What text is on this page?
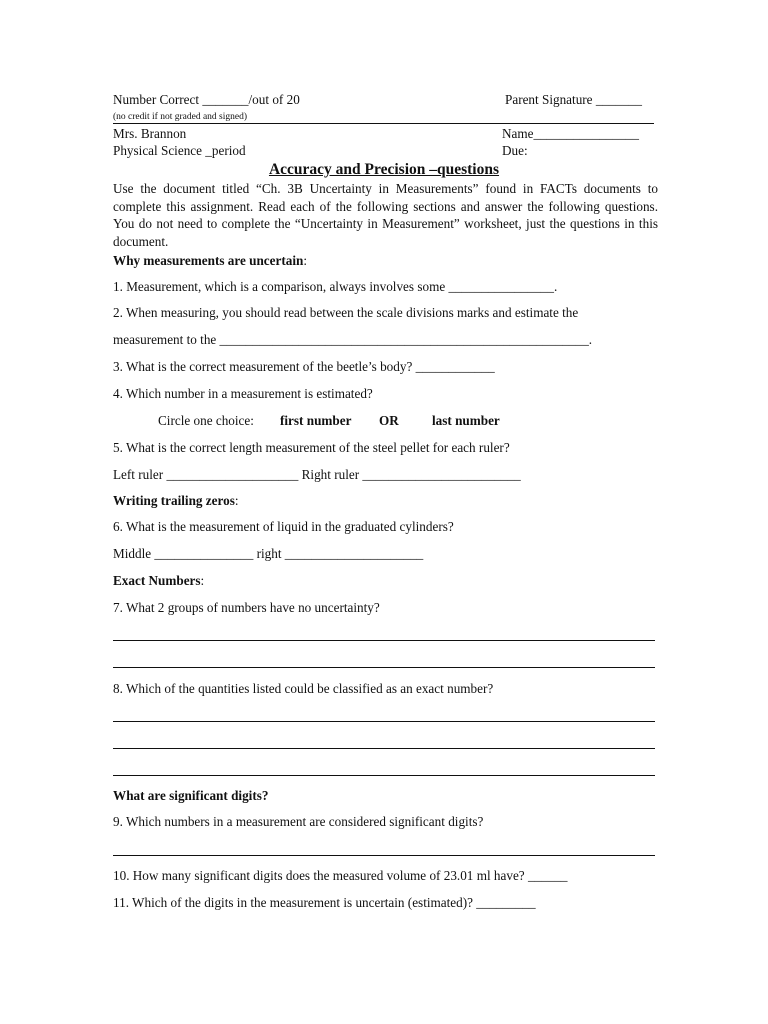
Number Correct _______/out of 20	Parent Signature _______
(no credit if not graded and signed)
Mrs. Brannon	Name________________
Physical Science _period	Due:
Accuracy and Precision –questions
Use the document titled “Ch. 3B Uncertainty in Measurements” found in FACTs documents to complete this assignment. Read each of the following sections and answer the following questions. You do not need to complete the “Uncertainty in Measurement” worksheet, just the questions in this document.
Why measurements are uncertain:
1. Measurement, which is a comparison, always involves some ________________.
2. When measuring, you should read between the scale divisions marks and estimate the
measurement to the ________________________________________________________.
3. What is the correct measurement of the beetle’s body? ____________
4. Which number in a measurement is estimated?
Circle one choice: first number OR	last number
5. What is the correct length measurement of the steel pellet for each ruler?
Left ruler ____________________ Right ruler ________________________
Writing trailing zeros:
6. What is the measurement of liquid in the graduated cylinders?
Middle _______________ right _____________________
Exact Numbers:
7. What 2 groups of numbers have no uncertainty?
8. Which of the quantities listed could be classified as an exact number?
What are significant digits?
9. Which numbers in a measurement are considered significant digits?
10. How many significant digits does the measured volume of 23.01 ml have? ______
11. Which of the digits in the measurement is uncertain (estimated)? _________
